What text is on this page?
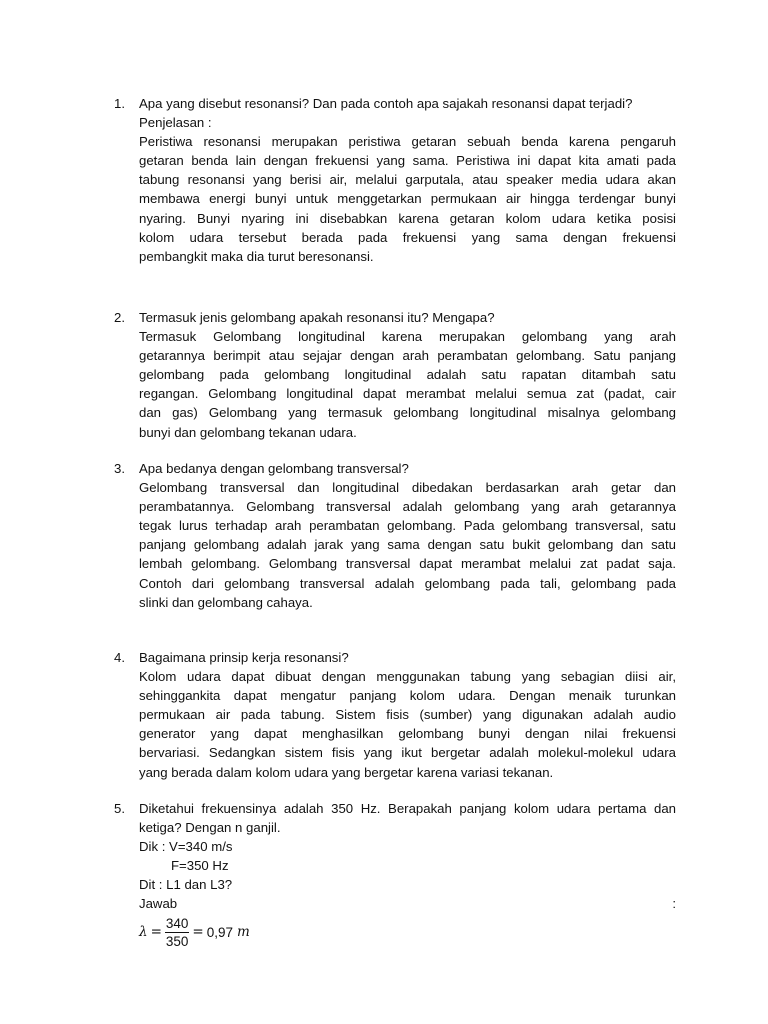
1.	Apa yang disebut resonansi? Dan pada contoh apa sajakah resonansi dapat terjadi?
Penjelasan :
Peristiwa resonansi merupakan peristiwa getaran sebuah benda karena pengaruh
getaran benda lain dengan frekuensi yang sama. Peristiwa ini dapat kita amati pada
tabung resonansi yang berisi air, melalui garputala, atau speaker media udara akan
membawa energi bunyi untuk menggetarkan permukaan air hingga terdengar bunyi
nyaring. Bunyi nyaring ini disebabkan karena getaran kolom udara ketika posisi
kolom udara tersebut berada pada frekuensi yang sama dengan frekuensi
pembangkit maka dia turut beresonansi.
2.	Termasuk jenis gelombang apakah resonansi itu? Mengapa?
Termasuk Gelombang longitudinal karena merupakan gelombang yang arah
getarannya berimpit atau sejajar dengan arah perambatan gelombang. Satu panjang
gelombang pada gelombang longitudinal adalah satu rapatan ditambah satu
regangan. Gelombang longitudinal dapat merambat melalui semua zat (padat, cair
dan gas) Gelombang yang termasuk gelombang longitudinal misalnya gelombang
bunyi dan gelombang tekanan udara.
3.	Apa bedanya dengan gelombang transversal?
Gelombang transversal dan longitudinal dibedakan berdasarkan arah getar dan
perambatannya. Gelombang transversal adalah gelombang yang arah getarannya
tegak lurus terhadap arah perambatan gelombang. Pada gelombang transversal, satu
panjang gelombang adalah jarak yang sama dengan satu bukit gelombang dan satu
lembah gelombang. Gelombang transversal dapat merambat melalui zat padat saja.
Contoh dari gelombang transversal adalah gelombang pada tali, gelombang pada
slinki dan gelombang cahaya.
4.	Bagaimana prinsip kerja resonansi?
Kolom udara dapat dibuat dengan menggunakan tabung yang sebagian diisi air,
sehinggankita dapat mengatur panjang kolom udara. Dengan menaik turunkan
permukaan air pada tabung. Sistem fisis (sumber) yang digunakan adalah audio
generator yang dapat menghasilkan gelombang bunyi dengan nilai frekuensi
bervariasi. Sedangkan sistem fisis yang ikut bergetar adalah molekul-molekul udara
yang berada dalam kolom udara yang bergetar karena variasi tekanan.
5.	Diketahui frekuensinya adalah 350 Hz. Berapakah panjang kolom udara pertama dan
ketiga? Dengan n ganjil.
Dik : V=340 m/s
F=350 Hz
Dit : L1 dan L3?
Jawab	:
$\lambda = \frac{340}{350} = 0,97$ m
